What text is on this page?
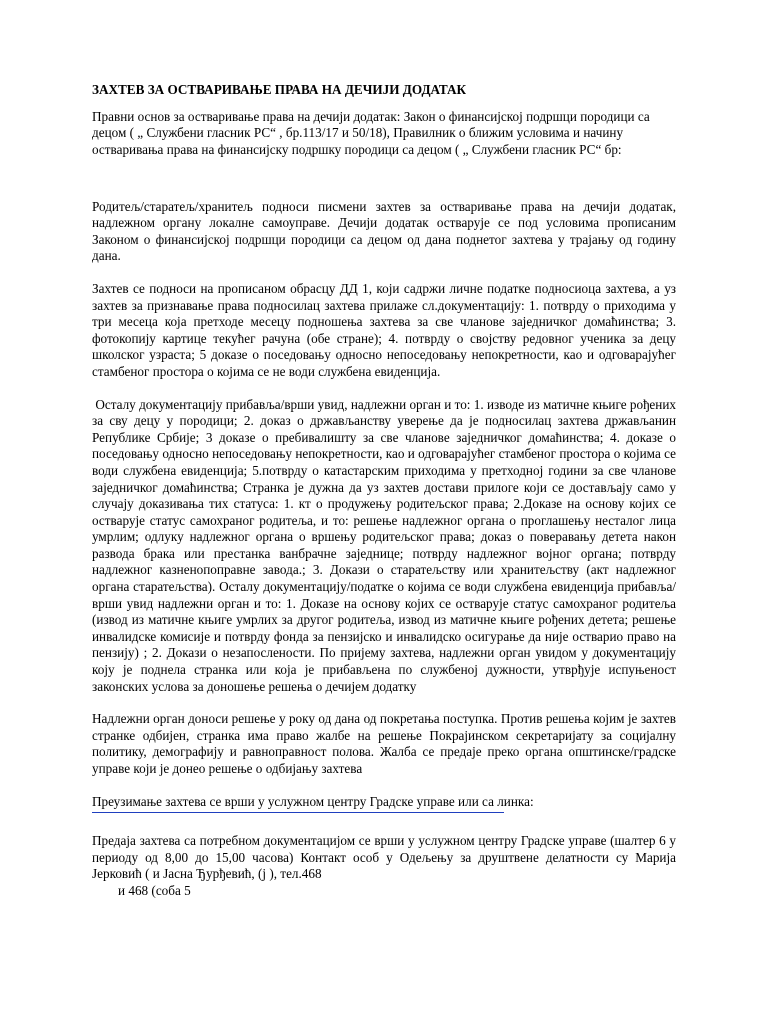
ЗАХТЕВ ЗА ОСТВАРИВАЊЕ ПРАВА НА ДЕЧИЈИ ДОДАТАК

Правни основ за остваривање права на дечији додатак: Закон о финансијској подршци породици са децом ( „ Службени гласник РС“ , бр.113/17 и 50/18), Правилник о ближим условима и начину остваривања права на финансијску подршку породици са децом ( „ Службени гласник РС“ бр:

Родитељ/старатељ/хранитељ подноси писмени захтев за остваривање права на дечији додатак, надлежном органу локалне самоуправе. Дечији додатак остварује се под условима прописаним Законом о финансијској подршци породици са децом од дана поднетог захтева у трајању од годину дана.

Захтев се подноси на прописаном обрасцу ДД 1, који садржи личне податке подносиоца захтева, а уз захтев за признавање права подносилац захтева прилаже сл.документацију: 1. потврду о приходима у три месеца која претходе месецу подношења захтева за све чланове заједничког домаћинства; 3. фотокопију картице текућег рачуна (обе стране); 4. потврду о својству редовног ученика за децу школског узраста; 5 доказе о поседовању односно непоседовању непокретности, као и одговарајућег стамбеног простора о којима се не води службена евиденција.

Осталу документацију прибавља/врши увид, надлежни орган и то: 1. изводе из матичне књиге рођених за сву децу у породици; 2. доказ о држављанству уверење да је подносилац захтева држављанин Републике Србије; 3 доказе о пребивалишту за све чланове заједничког домаћинства; 4. доказе о поседовању односно непоседовању непокретности, као и одговарајућег стамбеног простора о којима се води службена евиденција; 5.потврду о катастарским приходима у претходној години за све чланове заједничког домаћинства; Странка је дужна да уз захтев достави прилоге који се достављају само у случају доказивања тих статуса: 1. кт о продужењу родитељског права; 2.Доказе на основу којих се остварује статус самохраног родитеља, и то: решење надлежног органа о проглашењу несталог лица умрлим; одлуку надлежног органа о вршењу родитељског права; доказ о поверавању детета након развода брака или престанка ванбрачне заједнице; потврду надлежног војног органа; потврду надлежног казненопоправне завода.; 3. Докази о старатељству или хранитељству (акт надлежног органа старатељства). Осталу документацију/податке о којима се води службена евиденција прибавља/врши увид надлежни орган и то: 1. Доказе на основу којих се остварује статус самохраног родитеља (извод из матичне књиге умрлих за другог родитеља, извод из матичне књиге рођених детета; решење инвалидске комисије и потврду фонда за пензијско и инвалидско осигурање да није остварио право на пензију) ; 2. Докази о незапослености. По пријему захтева, надлежни орган увидом у документацију коју је поднела странка или која је прибављена по службеној дужности, утврђује испуњеност законских услова за доношење решења о дечијем додатку

Надлежни орган доноси решење у року од дана од покретања поступка. Против решења којим је захтев странке одбијен, странка има право жалбе на решење Покрајинском секретаријату за социјалну политику, демографију и равноправност полова. Жалба се предаје преко органа општинске/градске управе који је донео решење о одбијању захтева

Преузимање захтева се врши у услужном центру Градске управе или са линка:

Предаја захтева са потребном документацијом се врши у услужном центру Градске управе (шалтер 6 у периоду од 8,00 до 15,00 часова) Контакт особ у Одељењу за друштвене делатности су Марија Јерковић ( и Јасна Ђурђевић, (ј ), тел.468
и 468 (соба 5
